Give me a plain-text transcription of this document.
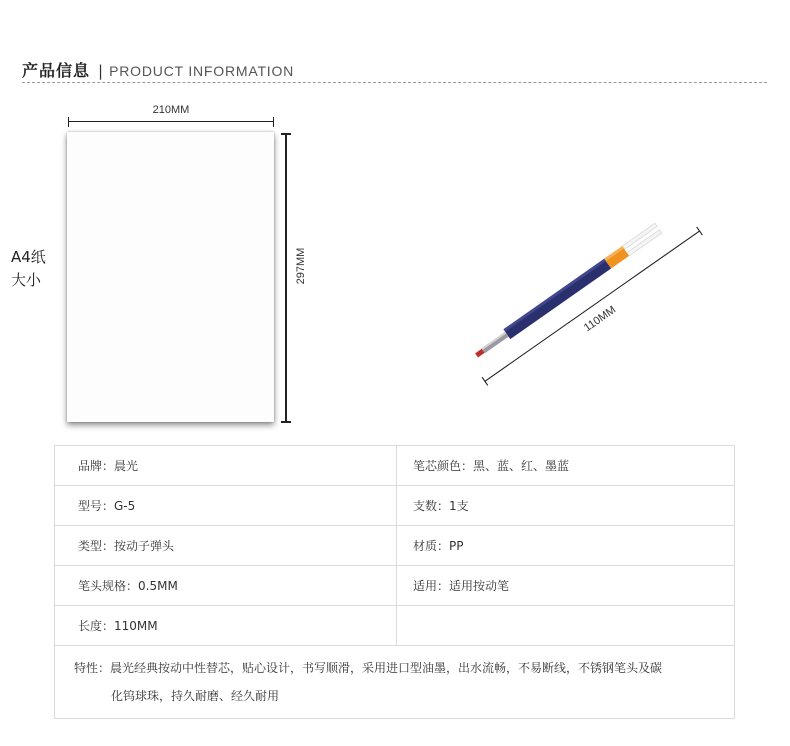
产品信息 | PRODUCT INFORMATION
210MM
297MM
A4纸
大小
110MM
品牌：晨光	笔芯颜色：黑、蓝、红、墨蓝
型号：G-5	支数：1支
类型：按动子弹头	材质：PP
笔头规格：0.5MM	适用：适用按动笔
长度：110MM	

特性：晨光经典按动中性替芯，贴心设计，书写顺滑，采用进口型油墨，出水流畅，不易断线，不锈钢笔头及碳
化钨球珠，持久耐磨、经久耐用	
